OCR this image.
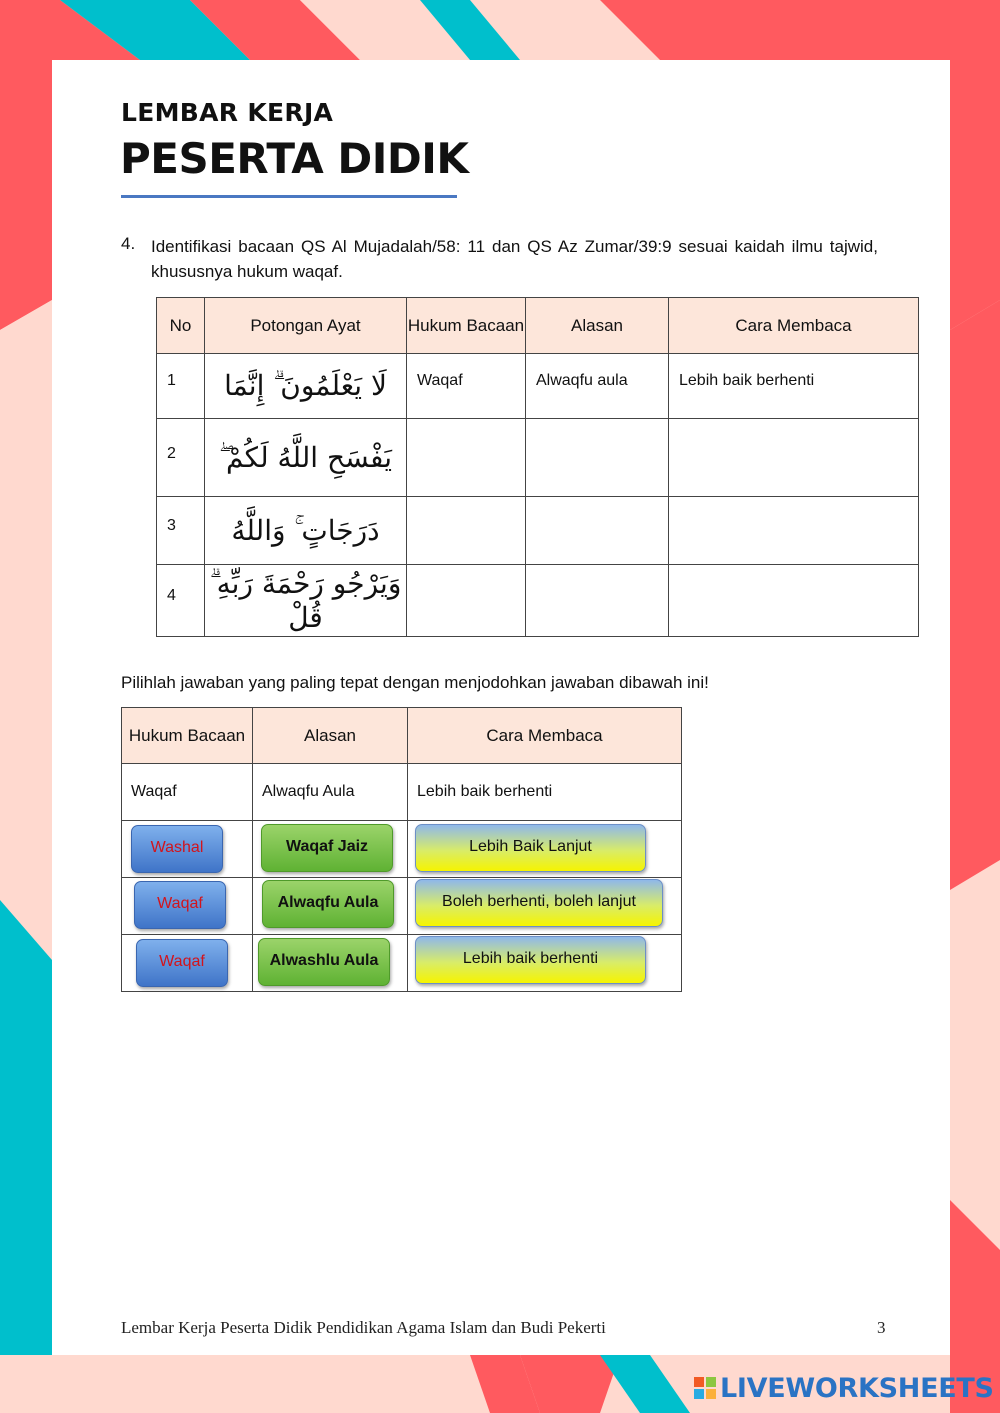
LEMBAR KERJA
PESERTA DIDIK
4. Identifikasi bacaan QS Al Mujadalah/58: 11 dan QS Az Zumar/39:9 sesuai kaidah ilmu tajwid, khususnya hukum waqaf.
No	Potongan Ayat	Hukum Bacaan	Alasan	Cara Membaca
1	لَا يَعْلَمُونَ ۗ إِنَّمَا	Waqaf	Alwaqfu aula	Lebih baik berhenti
2	يَفْسَحِ اللَّهُ لَكُمْ ۖ			
3	دَرَجَاتٍ ۚ وَاللَّهُ			
4	وَيَرْجُو رَحْمَةَ رَبِّهِ ۗ قُلْ			
Pilihlah jawaban yang paling tepat dengan menjodohkan jawaban dibawah ini!
Hukum Bacaan	Alasan	Cara Membaca
Waqaf	Alwaqfu Aula	Lebih baik berhenti

Washal	Waqaf Jaiz	Lebih Baik Lanjut

Waqaf	Alwaqfu Aula	Boleh berhenti, boleh lanjut

Waqaf	Alwashlu Aula	Lebih baik berhenti
Lembar Kerja Peserta Didik Pendidikan Agama Islam dan Budi Pekerti	3
LIVEWORKSHEETS
